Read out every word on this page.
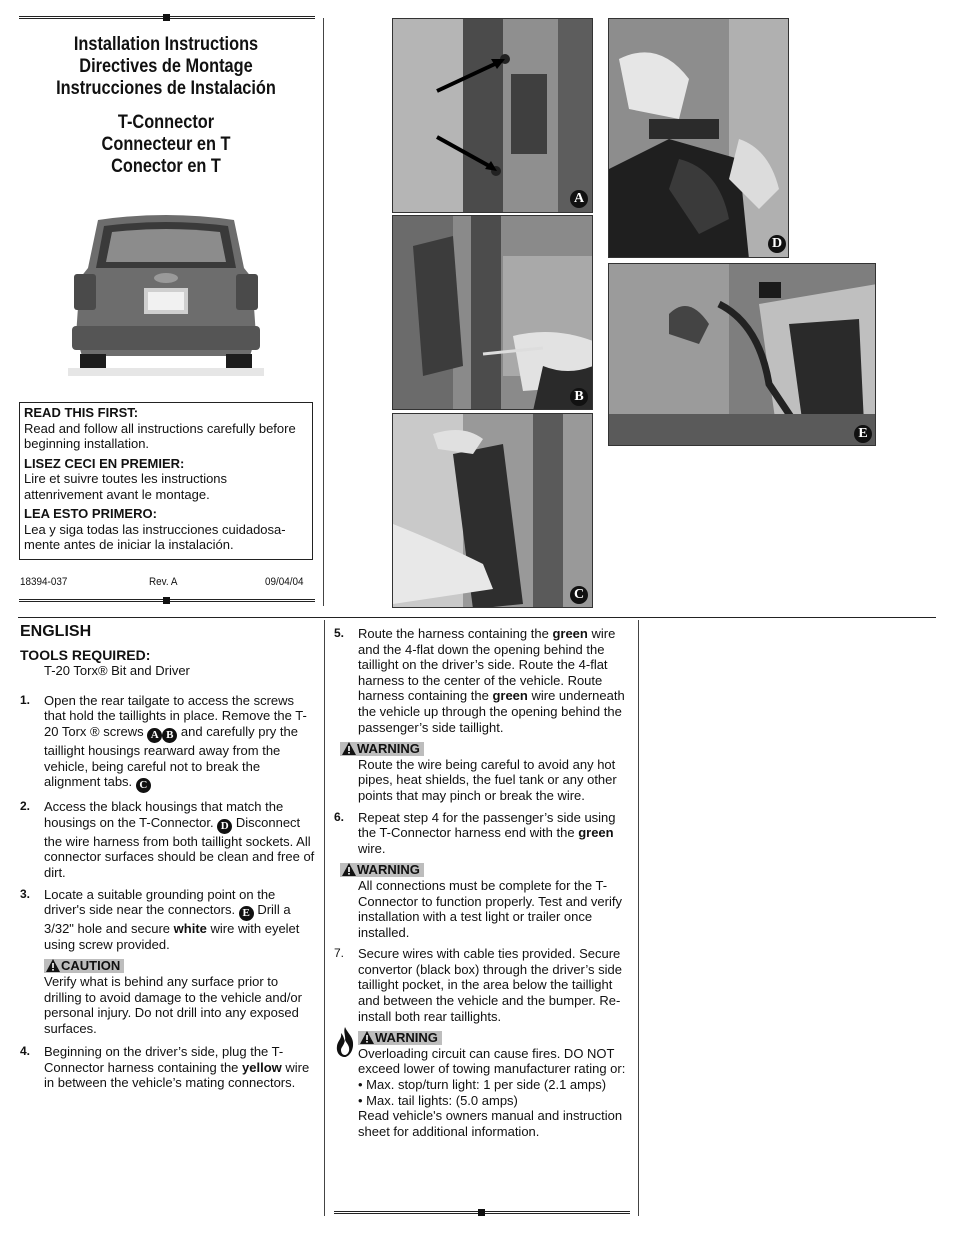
Installation Instructions
Directives de Montage
Instrucciones de Instalación
T-Connector
Connecteur en T
Conector en T
READ THIS FIRST:
Read and follow all instructions carefully before beginning installation.
LISEZ CECI EN PREMIER:
Lire et suivre toutes les instructions attenrivement avant le montage.
LEA ESTO PRIMERO:
Lea y siga todas las instrucciones cuidadosa-mente antes de iniciar la instalación.
18394-037	Rev. A	09/04/04
A
B
C
D
E
ENGLISH
TOOLS REQUIRED:
T-20 Torx® Bit and Driver
1. Open the rear tailgate to access the screws that hold the taillights in place. Remove the T-20 Torx ® screws A B and carefully pry the taillight housings rearward away from the vehicle, being careful not to break the alignment tabs. C
2. Access the black housings that match the housings on the T-Connector. D Disconnect the wire harness from both taillight sockets. All connector surfaces should be clean and free of dirt.
3. Locate a suitable grounding point on the driver's side near the connectors. E Drill a 3/32" hole and secure white wire with eyelet using screw provided.
CAUTION
Verify what is behind any surface prior to drilling to avoid damage to the vehicle and/or personal injury. Do not drill into any exposed surfaces.
4. Beginning on the driver’s side, plug the T-Connector harness containing the yellow wire in between the vehicle’s mating connectors.
5. Route the harness containing the green wire and the 4-flat down the opening behind the taillight on the driver’s side. Route the 4-flat harness to the center of the vehicle. Route harness containing the green wire underneath the vehicle up through the opening behind the passenger’s side taillight.
WARNING
Route the wire being careful to avoid any hot pipes, heat shields, the fuel tank or any other points that may pinch or break the wire.
6. Repeat step 4 for the passenger’s side using the T-Connector harness end with the green wire.
WARNING
All connections must be complete for the T-Connector to function properly. Test and verify installation with a test light or trailer once installed.
7. Secure wires with cable ties provided. Secure convertor (black box) through the driver’s side taillight pocket, in the area below the taillight and between the vehicle and the bumper. Re-install both rear taillights.
WARNING
Overloading circuit can cause fires. DO NOT exceed lower of towing manufacturer rating or:
• Max. stop/turn light: 1 per side (2.1 amps)
• Max. tail lights: (5.0 amps)
Read vehicle's owners manual and instruction sheet for additional information.
